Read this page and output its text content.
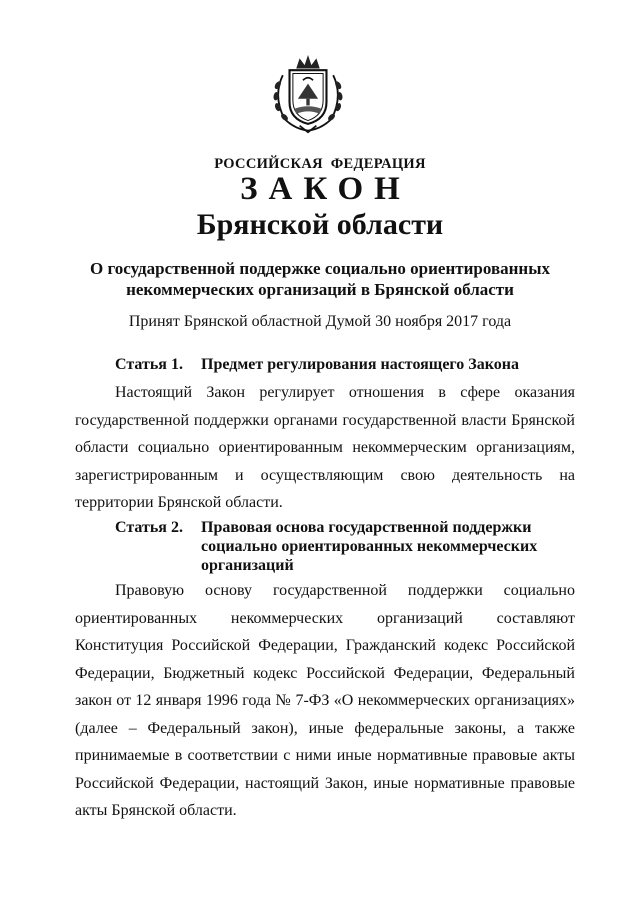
РОССИЙСКАЯ ФЕДЕРАЦИЯ
ЗАКОН
Брянской области
О государственной поддержке социально ориентированных некоммерческих организаций в Брянской области
Принят Брянской областной Думой 30 ноября 2017 года
Статья 1. Предмет регулирования настоящего Закона
Настоящий Закон регулирует отношения в сфере оказания государственной поддержки органами государственной власти Брянской области социально ориентированным некоммерческим организациям, зарегистрированным и осуществляющим свою деятельность на территории Брянской области.
Статья 2. Правовая основа государственной поддержки социально ориентированных некоммерческих организаций
Правовую основу государственной поддержки социально ориентированных некоммерческих организаций составляют Конституция Российской Федерации, Гражданский кодекс Российской Федерации, Бюджетный кодекс Российской Федерации, Федеральный закон от 12 января 1996 года № 7-ФЗ «О некоммерческих организациях» (далее – Федеральный закон), иные федеральные законы, а также принимаемые в соответствии с ними иные нормативные правовые акты Российской Федерации, настоящий Закон, иные нормативные правовые акты Брянской области.
